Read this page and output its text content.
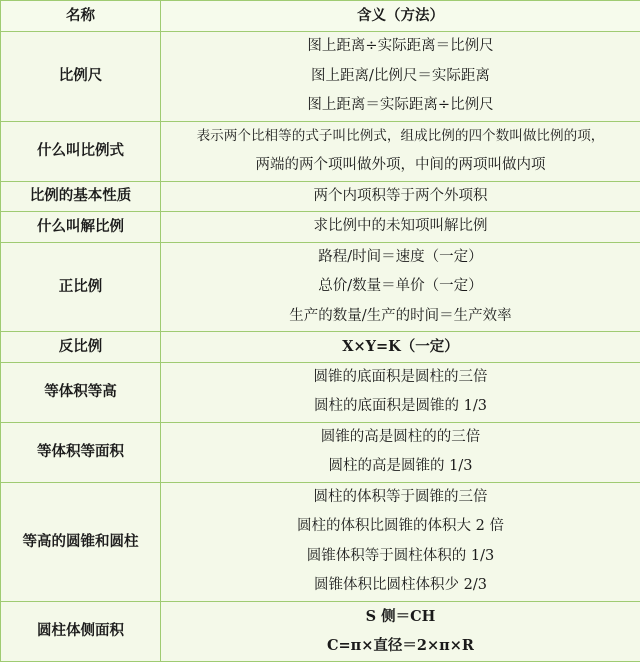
名称	含义（方法）
比例尺	图上距离÷实际距离＝比例尺
图上距离/比例尺＝实际距离
图上距离＝实际距离÷比例尺

什么叫比例式	表示两个比相等的式子叫比例式，组成比例的四个数叫做比例的项，
两端的两个项叫做外项，中间的两项叫做内项

比例的基本性质	两个内项积等于两个外项积

什么叫解比例	求比例中的未知项叫解比例

正比例	路程/时间＝速度（一定）
总价/数量＝单价（一定）
生产的数量/生产的时间＝生产效率

反比例	X×Y=K（一定）

等体积等高	圆锥的底面积是圆柱的三倍
圆柱的底面积是圆锥的 1/3

等体积等面积	圆锥的高是圆柱的的三倍
圆柱的高是圆锥的 1/3

等高的圆锥和圆柱	圆柱的体积等于圆锥的三倍
圆柱的体积比圆锥的体积大 2 倍
圆锥体积等于圆柱体积的 1/3
圆锥体积比圆柱体积少 2/3

圆柱体侧面积	S 侧＝CH
C=π×直径＝2×π×R
